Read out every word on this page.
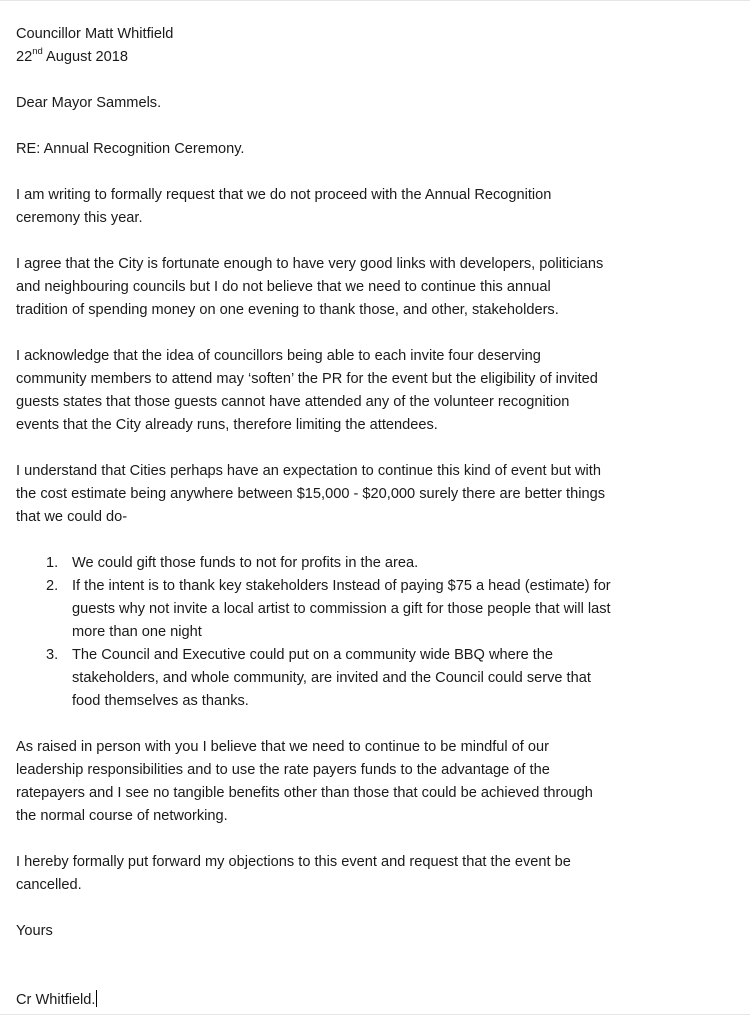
Councillor Matt Whitfield
22nd August 2018
Dear Mayor Sammels.
RE: Annual Recognition Ceremony.
I am writing to formally request that we do not proceed with the Annual Recognition
ceremony this year.
I agree that the City is fortunate enough to have very good links with developers, politicians
and neighbouring councils but I do not believe that we need to continue this annual
tradition of spending money on one evening to thank those, and other, stakeholders.
I acknowledge that the idea of councillors being able to each invite four deserving
community members to attend may ‘soften’ the PR for the event but the eligibility of invited
guests states that those guests cannot have attended any of the volunteer recognition
events that the City already runs, therefore limiting the attendees.
I understand that Cities perhaps have an expectation to continue this kind of event but with
the cost estimate being anywhere between $15,000 - $20,000 surely there are better things
that we could do-
1. We could gift those funds to not for profits in the area.
2. If the intent is to thank key stakeholders Instead of paying $75 a head (estimate) for
guests why not invite a local artist to commission a gift for those people that will last
more than one night
3. The Council and Executive could put on a community wide BBQ where the
stakeholders, and whole community, are invited and the Council could serve that
food themselves as thanks.
As raised in person with you I believe that we need to continue to be mindful of our
leadership responsibilities and to use the rate payers funds to the advantage of the
ratepayers and I see no tangible benefits other than those that could be achieved through
the normal course of networking.
I hereby formally put forward my objections to this event and request that the event be
cancelled.
Yours
Cr Whitfield.
